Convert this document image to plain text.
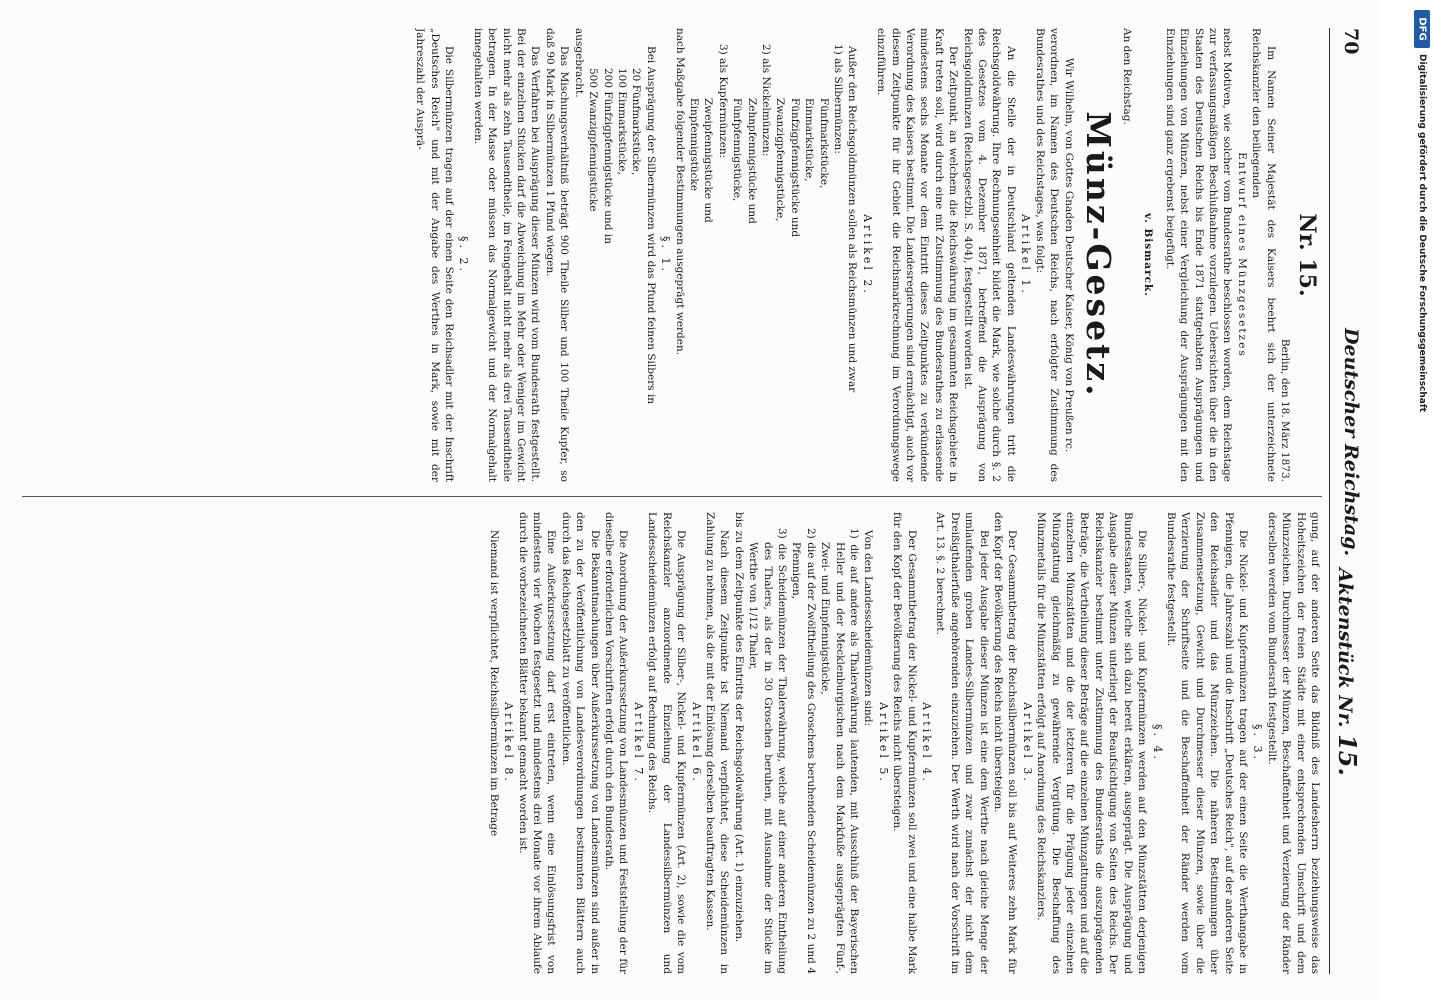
70
Deutscher Reichstag.
Aktenstück Nr. 15.

Nr. 15.

Berlin, den 18. März 1873.

Im Namen Seiner Majestät des Kaisers beehrt sich der unterzeichnete Reichskanzler den beiliegenden

Entwurf eines Münzgesetzes

nebst Motiven, wie solcher vom Bundesrathe beschlossen worden, dem Reichstage zur verfassungsmäßigen Beschlußnahme vorzulegen. Uebersichten über die in den Staaten des Deutschen Reichs bis Ende 1871 stattgehabten Ausprägungen und Einziehungen von Münzen, nebst einer Vergleichung der Ausprägungen mit den Einziehungen sind ganz ergebenst beigefügt.

v. Bismarck.

An den Reichstag.

Münz-Gesetz.

Wir Wilhelm, von Gottes Gnaden Deutscher Kaiser, König von Preußen rc.

verordnen, im Namen des Deutschen Reichs, nach erfolgter Zustimmung des Bundesrathes und des Reichstages, was folgt:

Artikel 1.

An die Stelle der in Deutschland geltenden Landeswährungen tritt die Reichsgoldwährung. Ihre Rechnungseinheit bildet die Mark, wie solche durch §. 2 des Gesetzes vom 4. Dezember 1871, betreffend die Ausprägung von Reichsgoldmünzen (Reichsgesetzbl. S. 404), festgestellt worden ist.

Der Zeitpunkt, an welchem die Reichswährung im gesammten Reichsgebiete in Kraft treten soll, wird durch eine mit Zustimmung des Bundesrathes zu erlassende mindestens sechs Monate vor dem Eintritt dieses Zeitpunktes zu verkündende Verordnung des Kaisers bestimmt. Die Landesregierungen sind ermächtigt, auch vor diesem Zeitpunkte für ihr Gebiet die Reichsmarkrechnung im Verordnungswege einzuführen.

Artikel 2.

Außer den Reichsgoldmünzen sollen als Reichsmünzen und zwar

1) als Silbermünzen:

Fünfmarkstücke,

Einmarkstücke,

Fünfzigpfennigstücke und

Zwanzigpfennigstücke,

2) als Nickelmünzen:

Zehnpfennigstücke und

Fünfpfennigstücke,

3) als Kupfermünzen:

Zweipfennigstücke und

Einpfennigstücke

nach Maßgabe folgender Bestimmungen ausgeprägt werden.

§. 1.

Bei Ausprägung der Silbermünzen wird das Pfund feinen Silbers in

20 Fünfmarkstücke,

100 Einmarkstücke,

200 Fünfzigpfennigstücke und in

500 Zwanzigpfennigstücke

ausgebracht.

Das Mischungsverhältniß beträgt 900 Theile Silber und 100 Theile Kupfer, so daß 90 Mark in Silbermünzen 1 Pfund wiegen.

Das Verfahren bei Ausprägung dieser Münzen wird vom Bundesrath festgestellt. Bei der einzelnen Stücken darf die Abweichung im Mehr oder Weniger im Gewicht nicht mehr als zehn Tausendtheile, im Feingehalt nicht mehr als drei Tausendtheile betragen. In der Masse oder müssen das Normalgewicht und der Normalgehalt innegehalten werden.

§. 2.

Die Silbermünzen tragen auf der einen Seite den Reichsadler mit der Inschrift „Deutsches Reich" und mit der Angabe des Werthes in Mark, sowie mit der Jahreszahl der Ausprä-

gung, auf der anderen Seite das Bildniß des Landesherrn beziehungsweise das Hoheitszeichen der freien Städte mit einer entsprechenden Umschrift und dem Münzzeichen. Durchmesser der Münzen, Beschaffenheit und Verzierung der Ränder derselben werden vom Bundesrath festgestellt.

§. 3.

Die Nickel- und Kupfermünzen tragen auf der einen Seite die Werthangabe in Pfennigen, die Jahreszahl und die Inschrift „Deutsches Reich", auf der anderen Seite den Reichsadler und das Münzzeichen. Die näheren Bestimmungen über Zusammensetzung, Gewicht und Durchmesser dieser Münzen, sowie über die Verzierung der Schriftseite und die Beschaffenheit der Ränder werden vom Bundesrathe festgestellt.

§. 4.

Die Silber-, Nickel- und Kupfermünzen werden auf den Münzstätten derjenigen Bundesstaaten, welche sich dazu bereit erklären, ausgeprägt. Die Ausprägung und Ausgabe dieser Münzen unterliegt der Beaufsichtigung von Seiten des Reichs. Der Reichskanzler bestimmt unter Zustimmung des Bundesraths die auszuprägenden Beträge, die Vertheilung dieser Beträge auf die einzelnen Münzgattungen und auf die einzelnen Münzstätten und die der letzteren für die Prägung jeder einzelnen Münzgattung gleichmäßig zu gewährende Vergütung. Die Beschaffung des Münzmetalls für die Münzstätten erfolgt auf Anordnung des Reichskanzlers.

Artikel 3.

Der Gesammtbetrag der Reichssilbermünzen soll bis auf Weiteres zehn Mark für den Kopf der Bevölkerung des Reichs nicht übersteigen.

Bei jeder Ausgabe dieser Münzen ist eine dem Werthe nach gleiche Menge der umlaufenden groben Landes-Silbermünzen und zwar zunächst der nicht dem Dreißigthalerfuße angehörenden einzuziehen. Der Werth wird nach der Vorschrift im Art. 13. §. 2 berechnet.

Artikel 4.

Der Gesammtbetrag der Nickel- und Kupfermünzen soll zwei und eine halbe Mark für den Kopf der Bevölkerung des Reichs nicht übersteigen.

Artikel 5.

Von den Landesscheidemünzen sind:

1) die auf andere als Thalerwährung lautenden, mit Ausschluß der Bayerischen Heller und der Mecklenburgischen nach dem Markfuße ausgeprägten Fünf-, Zwei- und Einpfennigstücke,

2) die auf der Zwölftheilung des Groschens beruhenden Scheidemünzen zu 2 und 4 Pfennigen,

3) die Scheidemünzen der Thalerwährung, welche auf einer anderen Eintheilung des Thalers, als der in 30 Groschen beruhen, mit Ausnahme der Stücke im Werthe von 1/12 Thaler,

bis zu dem Zeitpunkte des Eintritts der Reichsgoldwährung (Art. 1) einzuziehen.

Nach diesem Zeitpunkte ist Niemand verpflichtet, diese Scheidemünzen in Zahlung zu nehmen, als die mit der Einlösung derselben beauftragten Kassen.

Artikel 6.

Die Ausprägung der Silber-, Nickel- und Kupfermünzen (Art. 2), sowie die vom Reichskanzler anzuordnende Einziehung der Landessilbermünzen und Landesscheidemünzen erfolgt auf Rechnung des Reichs.

Artikel 7.

Die Anordnung der Außerkurssetzung von Landesmünzen und Feststellung der für dieselbe erforderlichen Vorschriften erfolgt durch den Bundesrath.

Die Bekanntmachungen über Außerkurssetzung von Landesmünzen sind außer in den zu der Veröffentlichung von Landesverordnungen bestimmten Blättern auch durch das Reichsgesetzblatt zu veröffentlichen.

Eine Außerkurssetzung darf erst eintreten, wenn eine Einlösungsfrist von mindestens vier Wochen festgesetzt und mindestens drei Monate vor ihrem Ablaufe durch die vorbezeichneten Blätter bekannt gemacht worden ist.

Artikel 8.

Niemand ist verpflichtet, Reichssilbermünzen im Betrage

DFG
Digitalisierung gefördert durch die Deutsche Forschungsgemeinschaft
